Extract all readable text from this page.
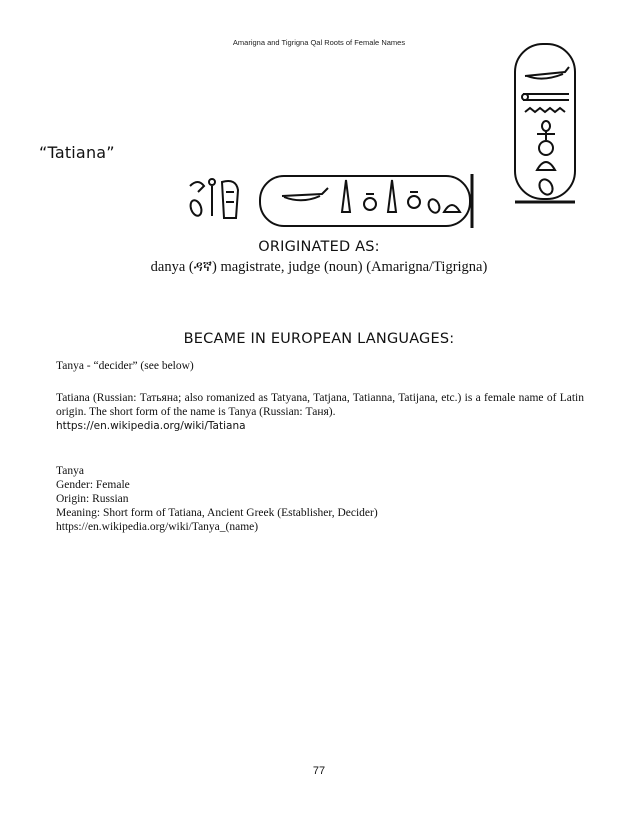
Amarigna and Tigrigna Qal Roots of Female Names
“Tatiana”
ORIGINATED AS:
danya (ዳኛ) magistrate, judge (noun) (Amarigna/Tigrigna)
BECAME IN EUROPEAN LANGUAGES:
Tanya - “decider” (see below)
Tatiana (Russian: Татьяна; also romanized as Tatyana, Tatjana, Tatianna, Tatijana, etc.) is a female name of Latin origin. The short form of the name is Tanya (Russian: Таня).
https://en.wikipedia.org/wiki/Tatiana
Tanya
Gender: Female
Origin: Russian
Meaning: Short form of Tatiana, Ancient Greek (Establisher, Decider)
https://en.wikipedia.org/wiki/Tanya_(name)
77
